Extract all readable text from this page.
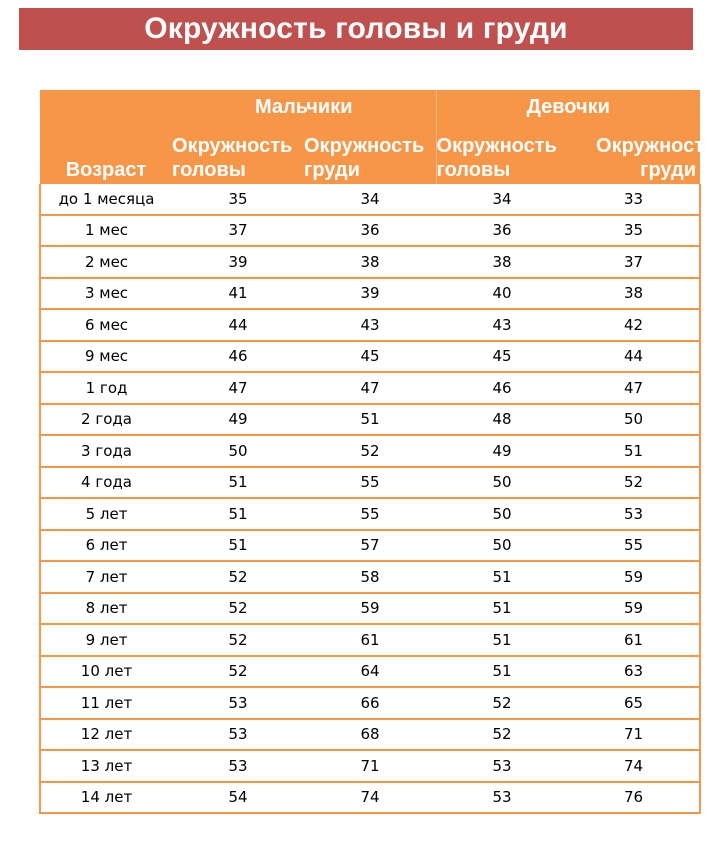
Окружность головы и груди
Возраст	Мальчики		Девочки	

	Окружность головы	Окружность груди	Окружность головы	Окружность груди

до 1 месяца	35	34	34	33
1 мес	37	36	36	35
2 мес	39	38	38	37
3 мес	41	39	40	38
6 мес	44	43	43	42
9 мес	46	45	45	44
1 год	47	47	46	47
2 года	49	51	48	50
3 года	50	52	49	51
4 года	51	55	50	52
5 лет	51	55	50	53
6 лет	51	57	50	55
7 лет	52	58	51	59
8 лет	52	59	51	59
9 лет	52	61	51	61
10 лет	52	64	51	63
11 лет	53	66	52	65
12 лет	53	68	52	71
13 лет	53	71	53	74
14 лет	54	74	53	76
